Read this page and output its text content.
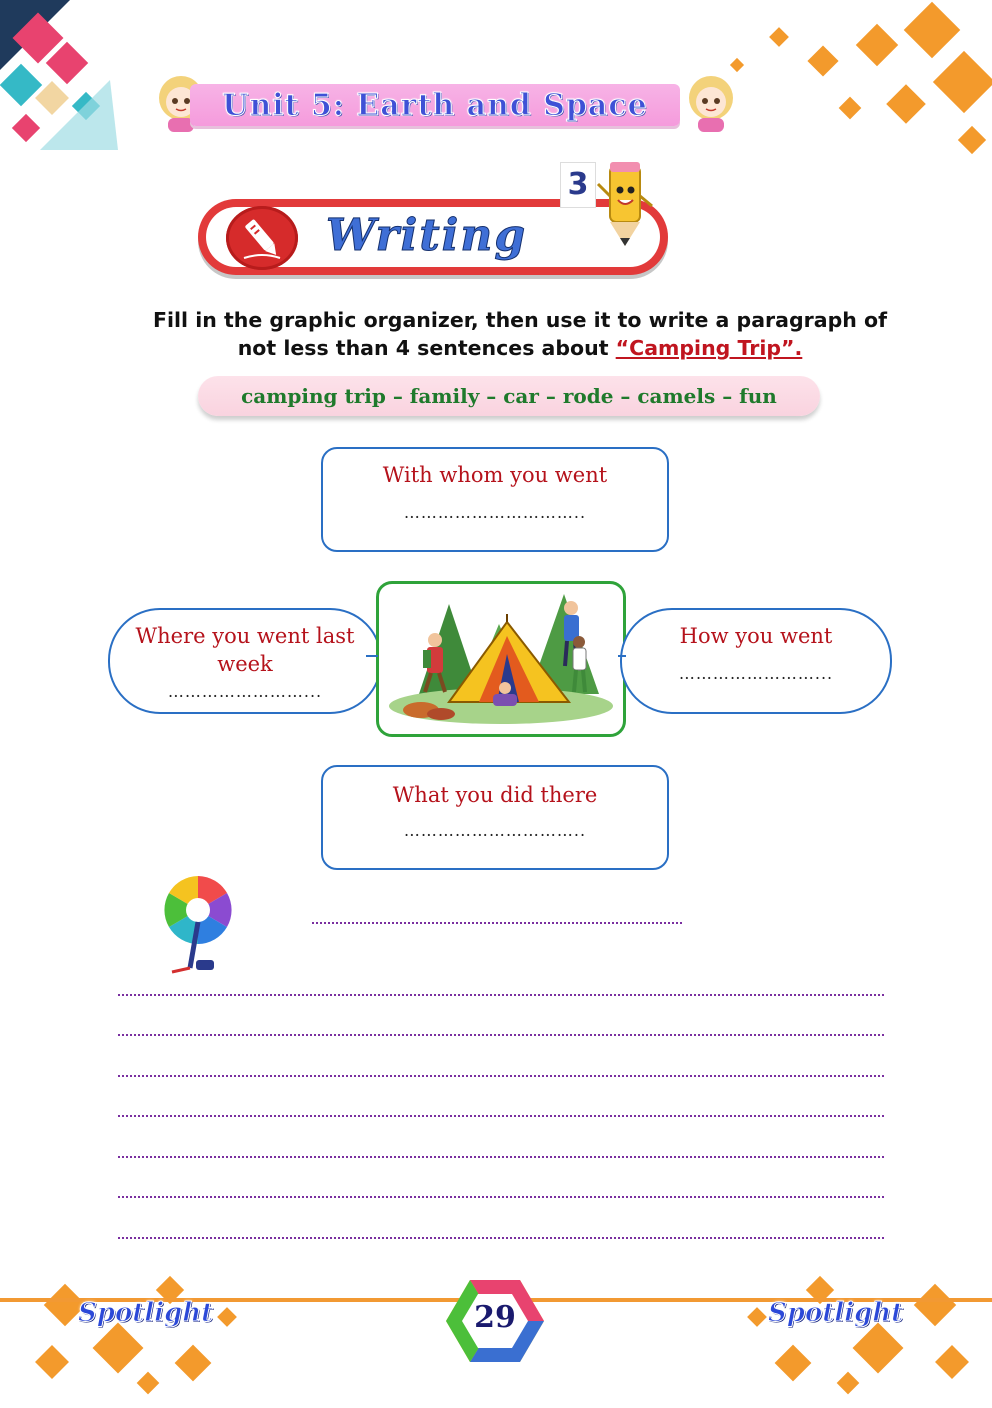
Unit 5: Earth and Space
Writing
3
Fill in the graphic organizer, then use it to write a paragraph of
not less than 4 sentences about “Camping Trip”.
camping trip – family – car – rode – camels – fun
With whom you went
…………………………..
Where you went last week
……………………...
How you went
……………………...
What you did there
…………………………..
Spotlight	Spotlight
29
